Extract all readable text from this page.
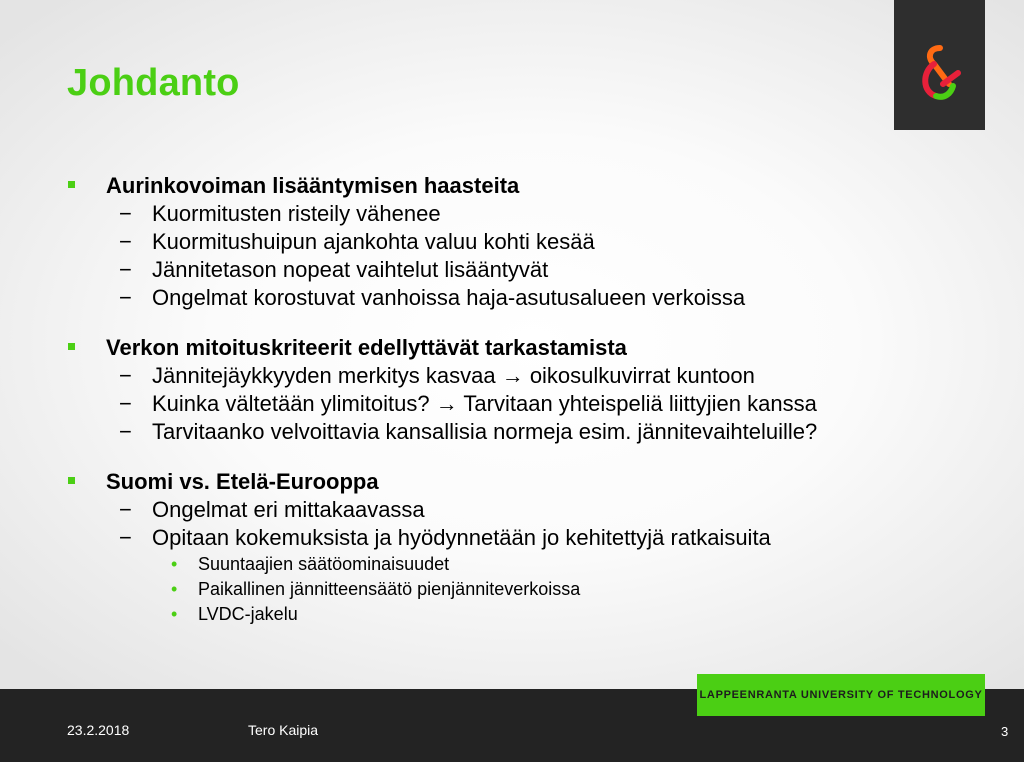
Johdanto
Aurinkovoiman lisääntymisen haasteita
− Kuormitusten risteily vähenee
− Kuormitushuipun ajankohta valuu kohti kesää
− Jännitetason nopeat vaihtelut lisääntyvät
− Ongelmat korostuvat vanhoissa haja-asutusalueen verkoissa
Verkon mitoituskriteerit edellyttävät tarkastamista
− Jännitejäykkyyden merkitys kasvaa → oikosulkuvirrat kuntoon
− Kuinka vältetään ylimitoitus? → Tarvitaan yhteispeliä liittyjien kanssa
− Tarvitaanko velvoittavia kansallisia normeja esim. jännitevaihteluille?
Suomi vs. Etelä-Eurooppa
− Ongelmat eri mittakaavassa
− Opitaan kokemuksista ja hyödynnetään jo kehitettyjä ratkaisuita
• Suuntaajien säätöominaisuudet
• Paikallinen jännitteensäätö pienjänniteverkoissa
• LVDC-jakelu
23.2.2018	Tero Kaipia	3
LAPPEENRANTA UNIVERSITY OF TECHNOLOGY
